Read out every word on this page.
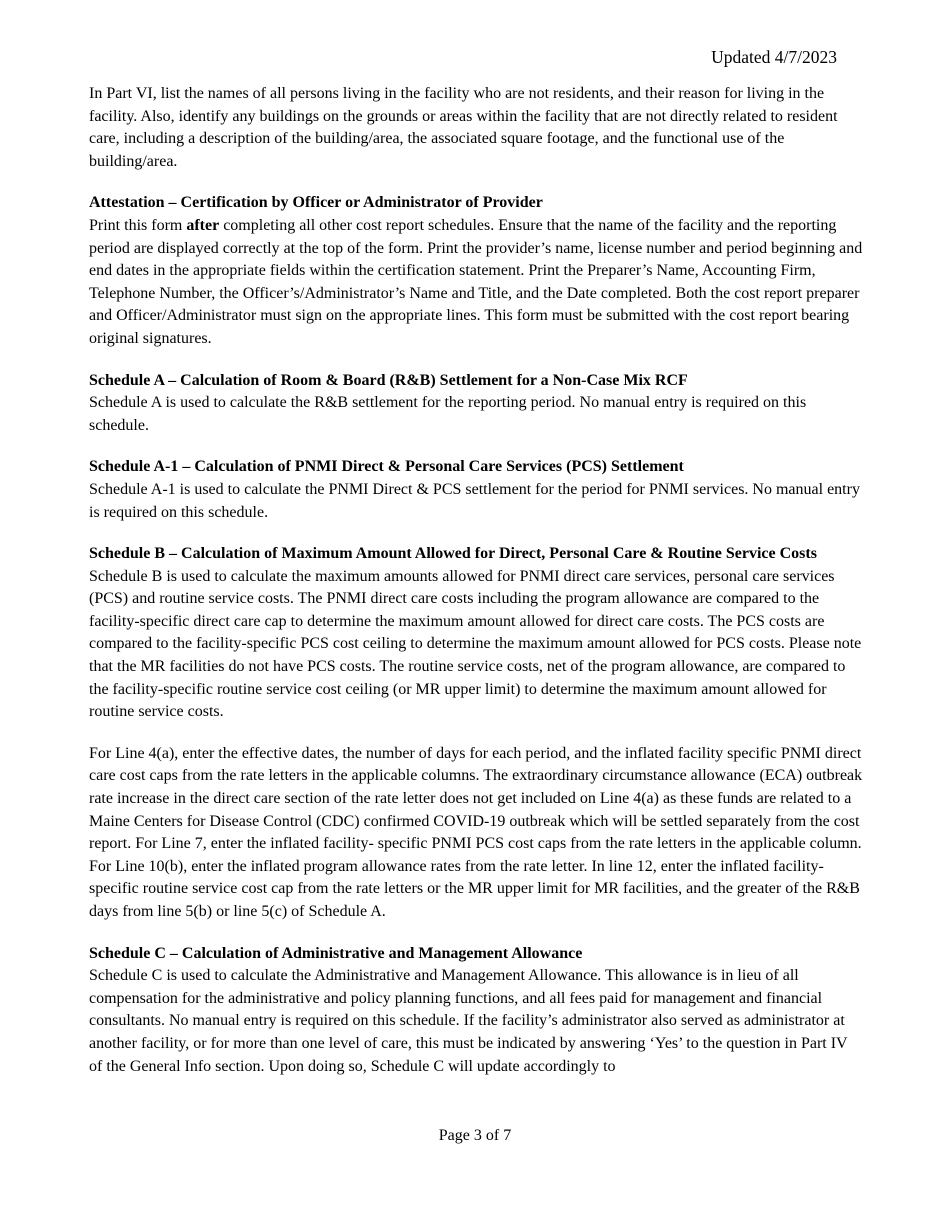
Updated 4/7/2023

In Part VI, list the names of all persons living in the facility who are not residents, and their reason for living in the facility. Also, identify any buildings on the grounds or areas within the facility that are not directly related to resident care, including a description of the building/area, the associated square footage, and the functional use of the building/area.

Attestation – Certification by Officer or Administrator of Provider

Print this form after completing all other cost report schedules. Ensure that the name of the facility and the reporting period are displayed correctly at the top of the form. Print the provider’s name, license number and period beginning and end dates in the appropriate fields within the certification statement. Print the Preparer’s Name, Accounting Firm, Telephone Number, the Officer’s/Administrator’s Name and Title, and the Date completed. Both the cost report preparer and Officer/Administrator must sign on the appropriate lines. This form must be submitted with the cost report bearing original signatures.

Schedule A – Calculation of Room & Board (R&B) Settlement for a Non-Case Mix RCF

Schedule A is used to calculate the R&B settlement for the reporting period. No manual entry is required on this schedule.

Schedule A-1 – Calculation of PNMI Direct & Personal Care Services (PCS) Settlement

Schedule A-1 is used to calculate the PNMI Direct & PCS settlement for the period for PNMI services. No manual entry is required on this schedule.

Schedule B – Calculation of Maximum Amount Allowed for Direct, Personal Care & Routine Service Costs

Schedule B is used to calculate the maximum amounts allowed for PNMI direct care services, personal care services (PCS) and routine service costs. The PNMI direct care costs including the program allowance are compared to the facility-specific direct care cap to determine the maximum amount allowed for direct care costs. The PCS costs are compared to the facility-specific PCS cost ceiling to determine the maximum amount allowed for PCS costs. Please note that the MR facilities do not have PCS costs. The routine service costs, net of the program allowance, are compared to the facility-specific routine service cost ceiling (or MR upper limit) to determine the maximum amount allowed for routine service costs.

For Line 4(a), enter the effective dates, the number of days for each period, and the inflated facility specific PNMI direct care cost caps from the rate letters in the applicable columns. The extraordinary circumstance allowance (ECA) outbreak rate increase in the direct care section of the rate letter does not get included on Line 4(a) as these funds are related to a Maine Centers for Disease Control (CDC) confirmed COVID-19 outbreak which will be settled separately from the cost report. For Line 7, enter the inflated facility- specific PNMI PCS cost caps from the rate letters in the applicable column. For Line 10(b), enter the inflated program allowance rates from the rate letter. In line 12, enter the inflated facility-specific routine service cost cap from the rate letters or the MR upper limit for MR facilities, and the greater of the R&B days from line 5(b) or line 5(c) of Schedule A.

Schedule C – Calculation of Administrative and Management Allowance

Schedule C is used to calculate the Administrative and Management Allowance. This allowance is in lieu of all compensation for the administrative and policy planning functions, and all fees paid for management and financial consultants. No manual entry is required on this schedule. If the facility’s administrator also served as administrator at another facility, or for more than one level of care, this must be indicated by answering ‘Yes’ to the question in Part IV of the General Info section. Upon doing so, Schedule C will update accordingly to

Page 3 of 7
